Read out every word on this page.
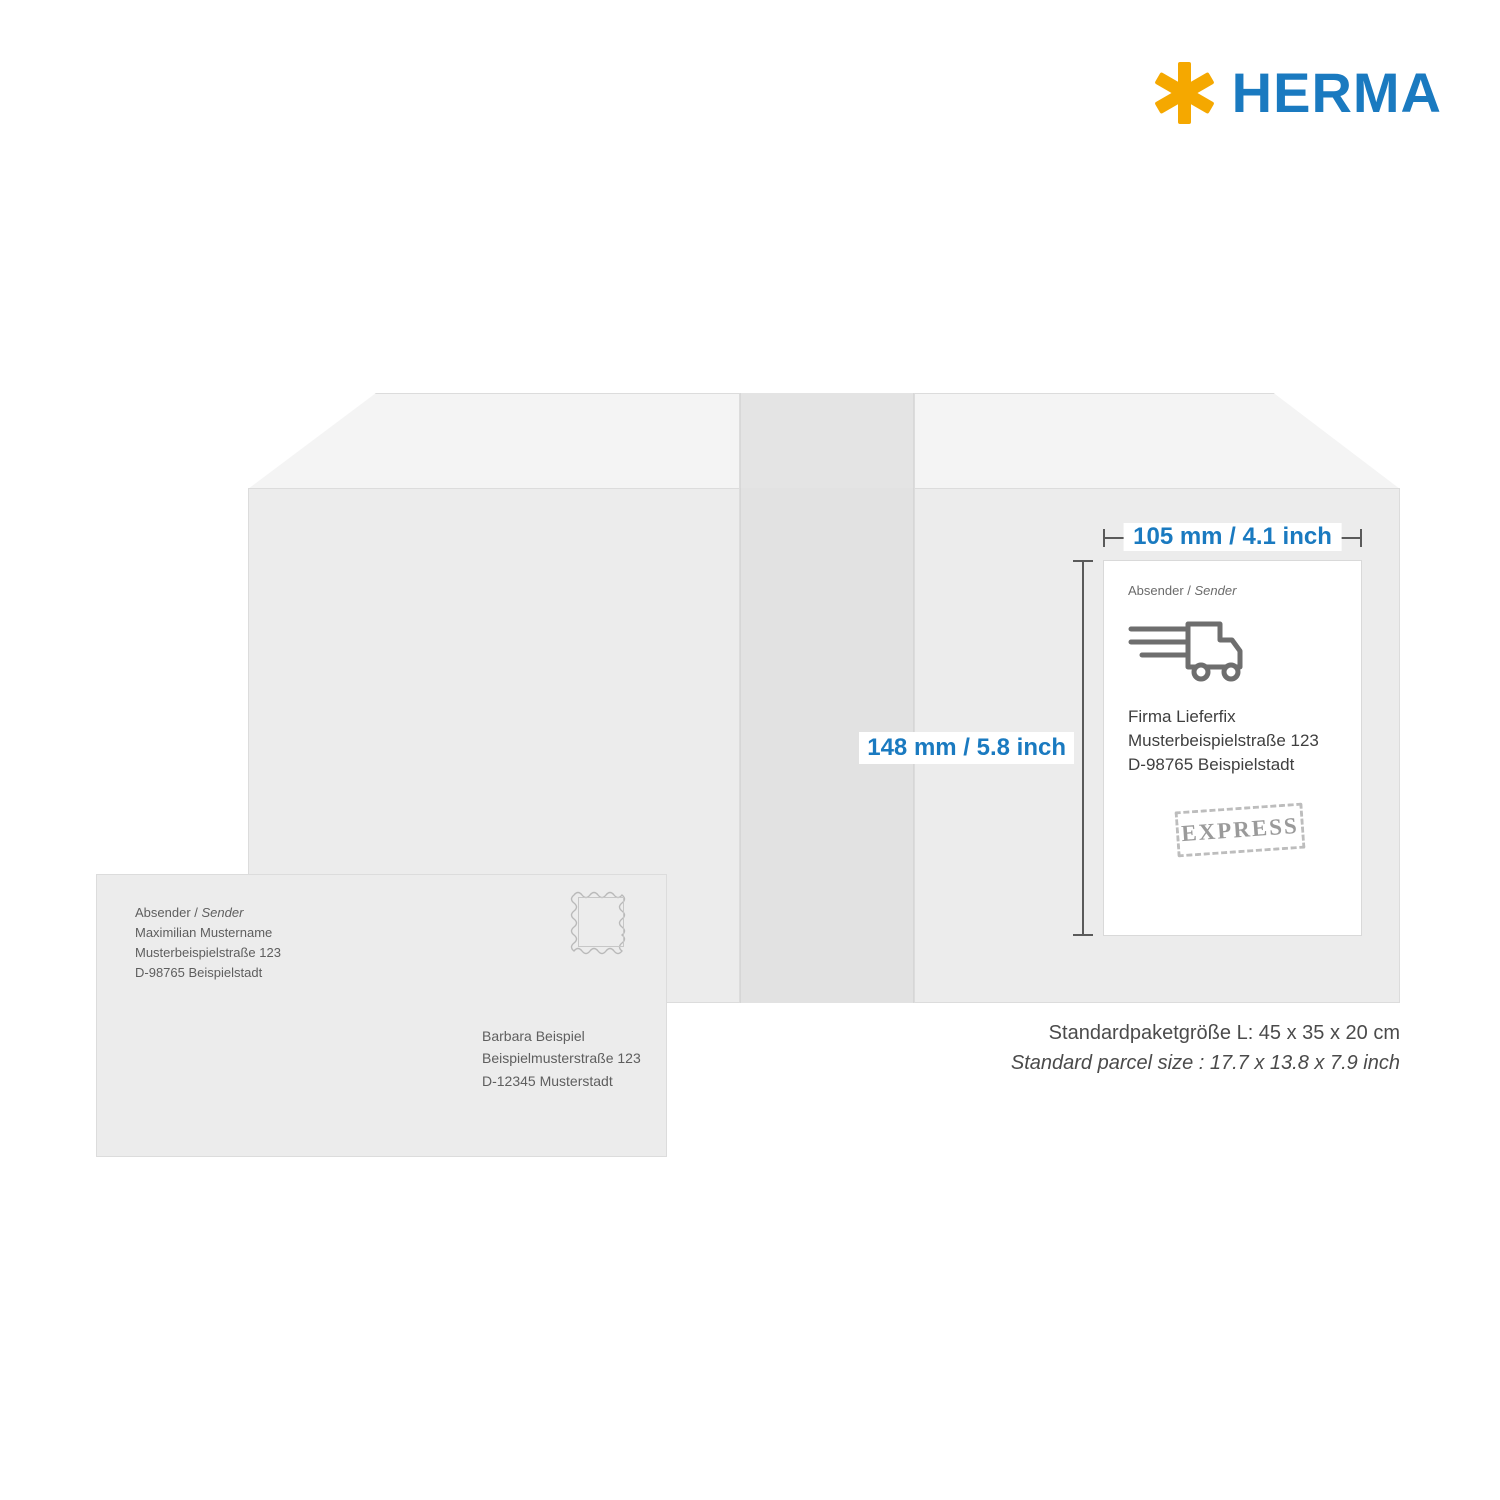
HERMA
105 mm / 4.1 inch
148 mm / 5.8 inch
Absender / Sender
Firma Lieferfix
Musterbeispielstraße 123
D-98765 Beispielstadt
EXPRESS
Standardpaketgröße L: 45 x 35 x 20 cm
Standard parcel size : 17.7 x 13.8 x 7.9 inch
Absender / Sender
Maximilian Mustername
Musterbeispielstraße 123
D-98765 Beispielstadt
Barbara Beispiel
Beispielmusterstraße 123
D-12345 Musterstadt
